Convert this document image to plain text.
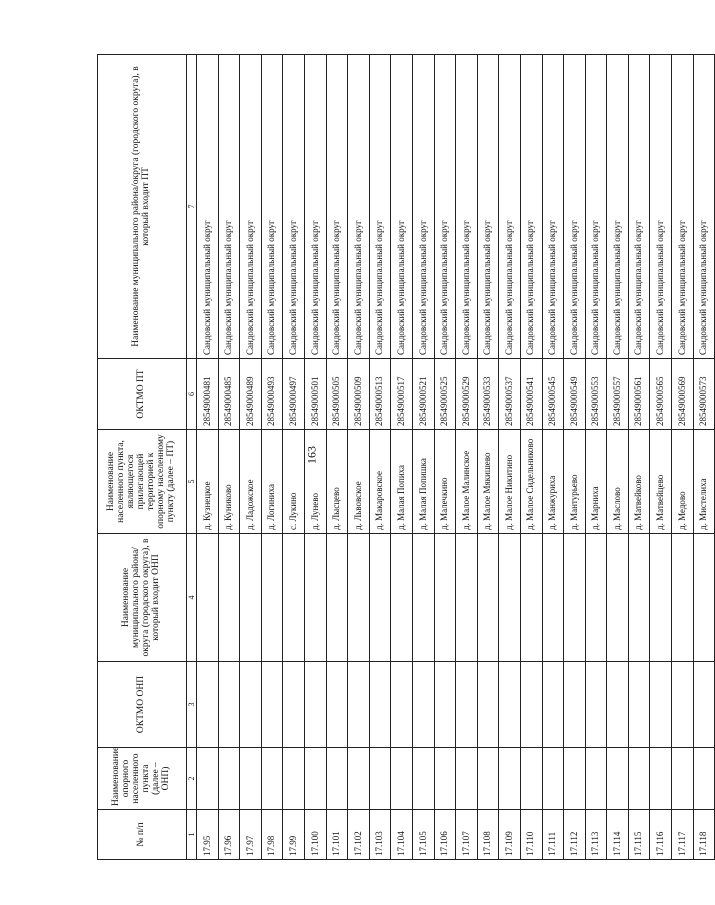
163
№ п/п	Наименование опорного населенного пункта (далее – ОНП)	ОКТМО ОНП	Наименование муниципального района/округа (городского округа), в который входит ОНП	Наименование населенного пункта, являющегося прилегающей территорией к опорному населенному пункту (далее – ПТ)	ОКТМО ПТ	Наименование муниципального района/округа (городского округа), в который входит ПТ
1	2	3	4	5	6	7
17.95				д. Кузнецкое	28549000481	Сандовский муниципальный округ
17.96				д. Куниково	28549000485	Сандовский муниципальный округ
17.97				д. Ладожское	28549000489	Сандовский муниципальный округ
17.98				д. Логиниха	28549000493	Сандовский муниципальный округ
17.99				с. Лукино	28549000497	Сандовский муниципальный округ
17.100				д. Лунево	28549000501	Сандовский муниципальный округ
17.101				д. Лысцево	28549000505	Сандовский муниципальный округ
17.102				д. Львовское	28549000509	Сандовский муниципальный округ
17.103				д. Макаровское	28549000513	Сандовский муниципальный округ
17.104				д. Малая Попиха	28549000517	Сандовский муниципальный округ
17.105				д. Малая Попишка	28549000521	Сандовский муниципальный округ
17.106				д. Малечкино	28549000525	Сандовский муниципальный округ
17.107				д. Малое Малинское	28549000529	Сандовский муниципальный округ
17.108				д. Малое Мякишево	28549000533	Сандовский муниципальный округ
17.109				д. Малое Никитино	28549000537	Сандовский муниципальный округ
17.110				д. Малое Сидельниково	28549000541	Сандовский муниципальный округ
17.111				д. Манжуриха	28549000545	Сандовский муниципальный округ
17.112				д. Мантурьево	28549000549	Сандовский муниципальный округ
17.113				д. Марниха	28549000553	Сандовский муниципальный округ
17.114				д. Маслово	28549000557	Сандовский муниципальный округ
17.115				д. Матвейково	28549000561	Сандовский муниципальный округ
17.116				д. Матвейцево	28549000565	Сандовский муниципальный округ
17.117				д. Медово	28549000569	Сандовский муниципальный округ
17.118				д. Мистелиха	28549000573	Сандовский муниципальный округ
